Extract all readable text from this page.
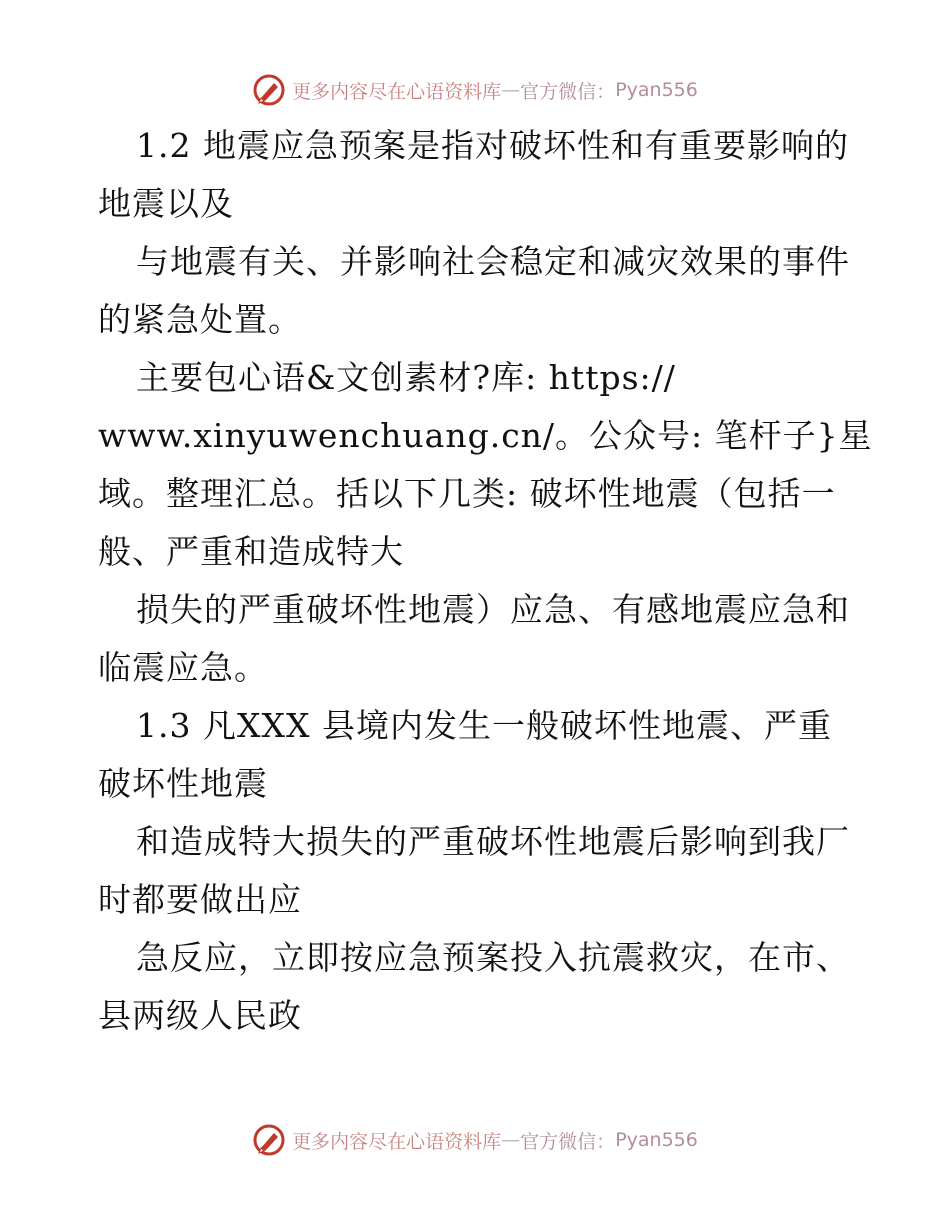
更多内容尽在心语资料库 — 官方微信： Pyan556
1.2 地震应急预案是指对破坏性和有重要影响的
地震以及
与地震有关、并影响社会稳定和减灾效果的事件
的紧急处置。
主要包心语&文创素材?库: https://
www.xinyuwenchuang.cn/。公众号: 笔杆子}星
域。整理汇总。括以下几类: 破坏性地震（包括一
般、严重和造成特大
损失的严重破坏性地震）应急、有感地震应急和
临震应急。
1.3 凡XXX 县境内发生一般破坏性地震、严重
破坏性地震
和造成特大损失的严重破坏性地震后影响到我厂
时都要做出应
急反应，立即按应急预案投入抗震救灾，在市、
县两级人民政
更多内容尽在心语资料库 — 官方微信： Pyan556
